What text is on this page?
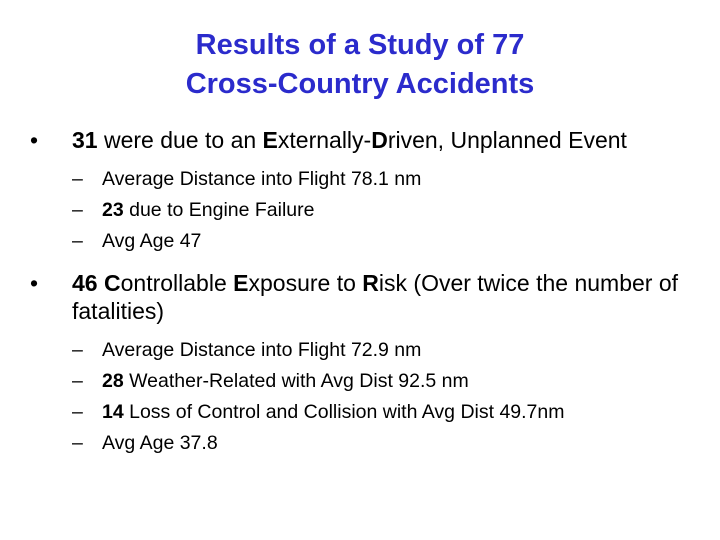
Results of a Study of 77
Cross-Country Accidents
•	31 were due to an Externally-Driven, Unplanned Event
– Average Distance into Flight 78.1 nm
– 23 due to Engine Failure
– Avg Age 47
•	46 Controllable Exposure to Risk (Over twice the number of fatalities)
– Average Distance into Flight 72.9 nm
– 28 Weather-Related with Avg Dist 92.5 nm
– 14 Loss of Control and Collision with Avg Dist 49.7nm
– Avg Age 37.8
